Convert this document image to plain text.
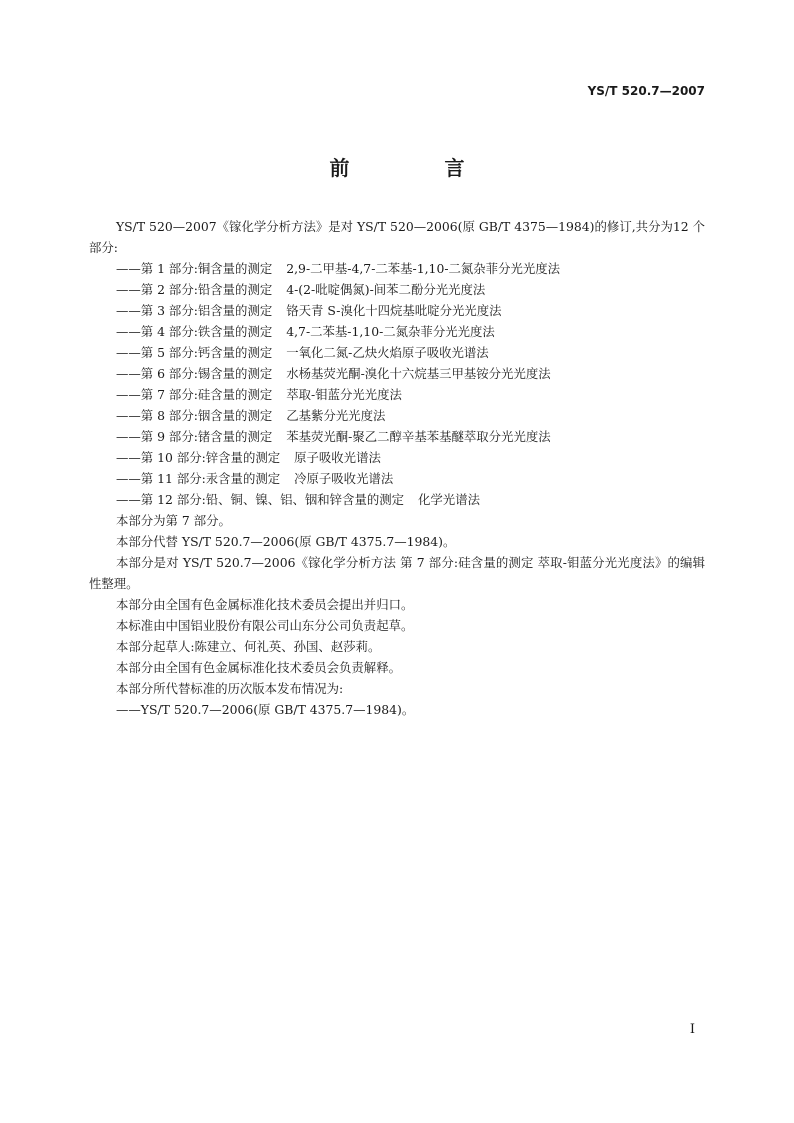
YS/T 520.7—2007
前 言

YS/T 520—2007《镓化学分析方法》是对 YS/T 520—2006(原 GB/T 4375—1984)的修订,共分为12 个部分:

——第 1 部分:铜含量的测定 2,9-二甲基-4,7-二苯基-1,10-二氮杂菲分光光度法

——第 2 部分:铅含量的测定 4-(2-吡啶偶氮)-间苯二酚分光光度法

——第 3 部分:铝含量的测定 铬天青 S-溴化十四烷基吡啶分光光度法

——第 4 部分:铁含量的测定 4,7-二苯基-1,10-二氮杂菲分光光度法

——第 5 部分:钙含量的测定 一氧化二氮-乙炔火焰原子吸收光谱法

——第 6 部分:锡含量的测定 水杨基荧光酮-溴化十六烷基三甲基铵分光光度法

——第 7 部分:硅含量的测定 萃取-钼蓝分光光度法

——第 8 部分:铟含量的测定 乙基紫分光光度法

——第 9 部分:锗含量的测定 苯基荧光酮-聚乙二醇辛基苯基醚萃取分光光度法

——第 10 部分:锌含量的测定 原子吸收光谱法

——第 11 部分:汞含量的测定 冷原子吸收光谱法

——第 12 部分:铅、铜、镍、铝、铟和锌含量的测定 化学光谱法

本部分为第 7 部分。

本部分代替 YS/T 520.7—2006(原 GB/T 4375.7—1984)。

本部分是对 YS/T 520.7—2006《镓化学分析方法 第 7 部分:硅含量的测定 萃取-钼蓝分光光度法》的编辑性整理。

本部分由全国有色金属标准化技术委员会提出并归口。

本标准由中国铝业股份有限公司山东分公司负责起草。

本部分起草人:陈建立、何礼英、孙国、赵莎莉。

本部分由全国有色金属标准化技术委员会负责解释。

本部分所代替标准的历次版本发布情况为:

——YS/T 520.7—2006(原 GB/T 4375.7—1984)。

I
